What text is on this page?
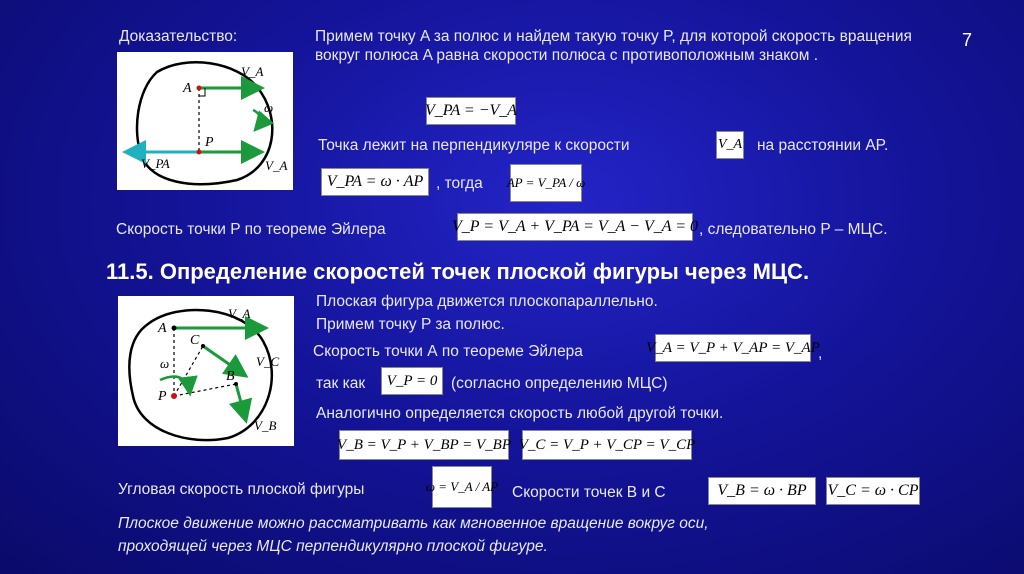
7
Доказательство:
A
P
ω
V_A
V_A
V_PA
Примем точку A за полюс и найдем такую точку P, для которой скорость вращения вокруг полюса A равна скорости полюса с противоположным знаком .
V_PA = −V_A
Точка лежит на перпендикуляре к скорости	V_A на расстоянии AP.
V_PA = ω · AP , тогда AP = V_PA / ω
Скорость точки P по теореме Эйлера	V_P = V_A + V_PA = V_A − V_A = 0 , следовательно P – МЦС.
11.5. Определение скоростей точек плоской фигуры через МЦС.
A
P
C
B
ω
V_A
V_C
V_B
Плоская фигура движется плоскопараллельно.
Примем точку P за полюс.
Скорость точки А по теореме Эйлера	V_A = V_P + V_AP = V_AP
,
так как V_P = 0 (согласно определению МЦС)
Аналогично определяется скорость любой другой точки.
V_B = V_P + V_BP = V_BP V_C = V_P + V_CP = V_CP
Угловая скорость плоской фигуры	ω = V_A / AP Скорости точек B и C	V_B = ω · BP V_C = ω · CP
Плоское движение можно рассматривать как мгновенное вращение вокруг оси,
проходящей через МЦС перпендикулярно плоской фигуре.
